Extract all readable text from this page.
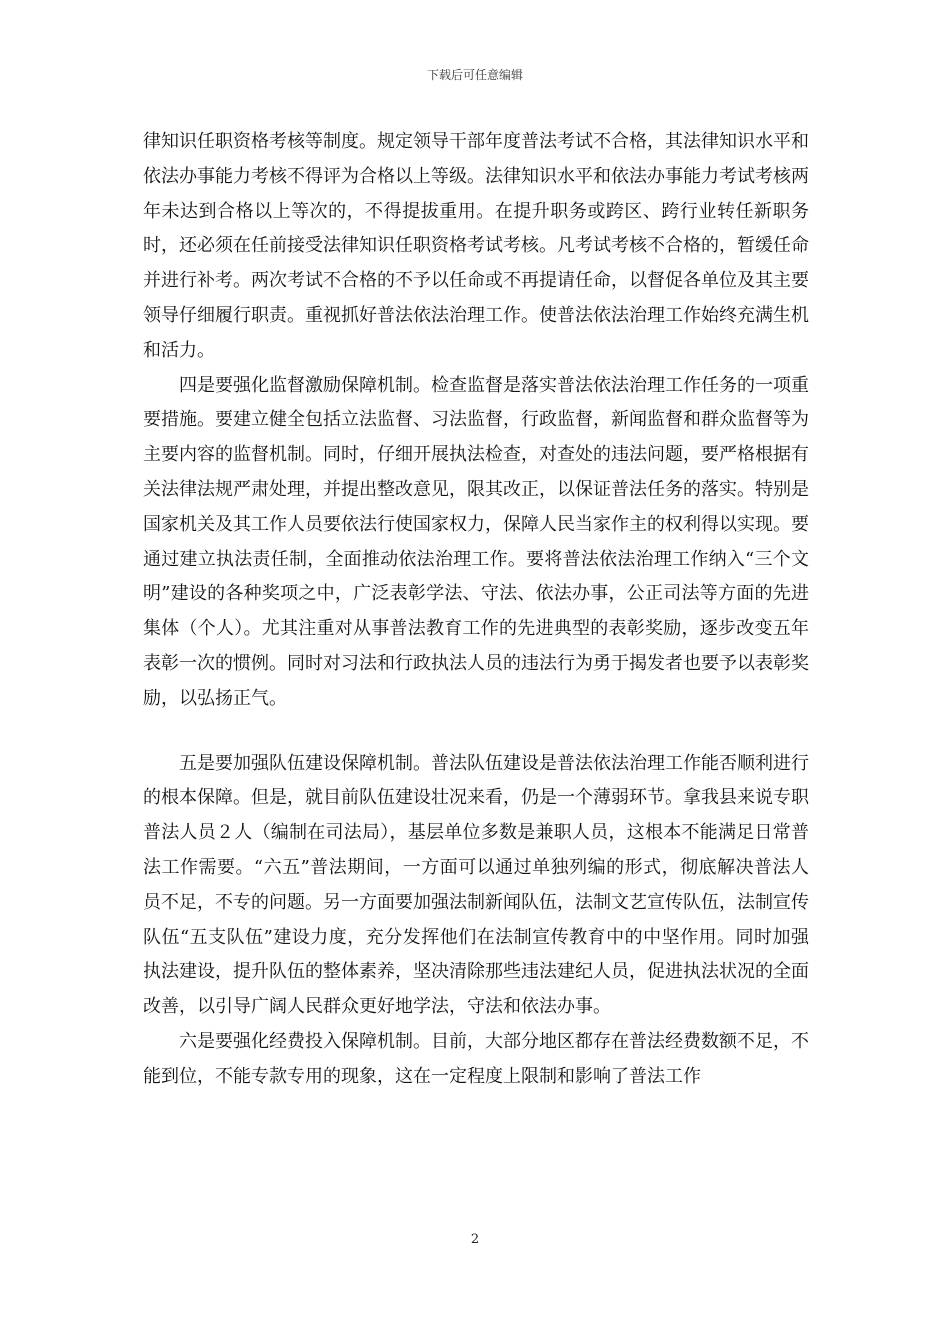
下载后可任意编辑

律知识任职资格考核等制度。规定领导干部年度普法考试不合格，其法律知识水平和依法办事能力考核不得评为合格以上等级。法律知识水平和依法办事能力考试考核两年未达到合格以上等次的，不得提拔重用。在提升职务或跨区、跨行业转任新职务时，还必须在任前接受法律知识任职资格考试考核。凡考试考核不合格的，暂缓任命并进行补考。两次考试不合格的不予以任命或不再提请任命，以督促各单位及其主要领导仔细履行职责。重视抓好普法依法治理工作。使普法依法治理工作始终充满生机和活力。

四是要强化监督激励保障机制。检查监督是落实普法依法治理工作任务的一项重要措施。要建立健全包括立法监督、习法监督，行政监督，新闻监督和群众监督等为主要内容的监督机制。同时，仔细开展执法检查，对查处的违法问题，要严格根据有关法律法规严肃处理，并提出整改意见，限其改正，以保证普法任务的落实。特别是国家机关及其工作人员要依法行使国家权力，保障人民当家作主的权利得以实现。要通过建立执法责任制，全面推动依法治理工作。要将普法依法治理工作纳入“三个文明”建设的各种奖项之中，广泛表彰学法、守法、依法办事，公正司法等方面的先进集体（个人）。尤其注重对从事普法教育工作的先进典型的表彰奖励，逐步改变五年表彰一次的惯例。同时对习法和行政执法人员的违法行为勇于揭发者也要予以表彰奖励，以弘扬正气。

五是要加强队伍建设保障机制。普法队伍建设是普法依法治理工作能否顺利进行的根本保障。但是，就目前队伍建设壮况来看，仍是一个薄弱环节。拿我县来说专职普法人员２人（编制在司法局），基层单位多数是兼职人员，这根本不能满足日常普法工作需要。“六五”普法期间，一方面可以通过单独列编的形式，彻底解决普法人员不足，不专的问题。另一方面要加强法制新闻队伍，法制文艺宣传队伍，法制宣传队伍“五支队伍”建设力度，充分发挥他们在法制宣传教育中的中坚作用。同时加强执法建设，提升队伍的整体素养，坚决清除那些违法建纪人员，促进执法状况的全面改善，以引导广阔人民群众更好地学法，守法和依法办事。

六是要强化经费投入保障机制。目前，大部分地区都存在普法经费数额不足，不能到位，不能专款专用的现象，这在一定程度上限制和影响了普法工作

2
